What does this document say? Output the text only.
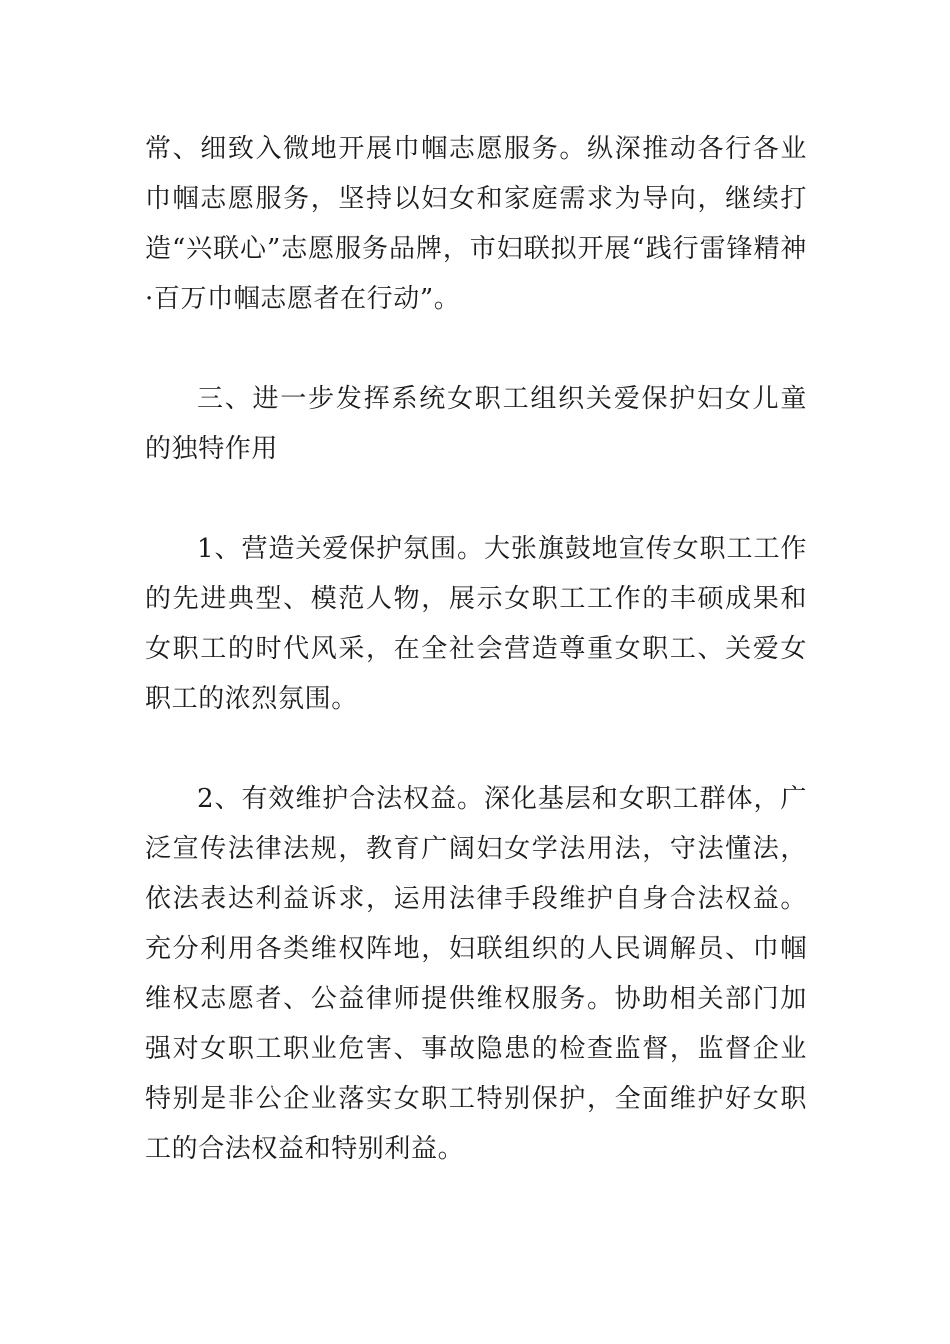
常、细致入微地开展巾帼志愿服务。纵深推动各行各业巾帼志愿服务，坚持以妇女和家庭需求为导向，继续打造“兴联心”志愿服务品牌，市妇联拟开展“践行雷锋精神·百万巾帼志愿者在行动”。

三、进一步发挥系统女职工组织关爱保护妇女儿童的独特作用

1、营造关爱保护氛围。大张旗鼓地宣传女职工工作的先进典型、模范人物，展示女职工工作的丰硕成果和女职工的时代风采，在全社会营造尊重女职工、关爱女职工的浓烈氛围。

2、有效维护合法权益。深化基层和女职工群体，广泛宣传法律法规，教育广阔妇女学法用法，守法懂法，依法表达利益诉求，运用法律手段维护自身合法权益。充分利用各类维权阵地，妇联组织的人民调解员、巾帼维权志愿者、公益律师提供维权服务。协助相关部门加强对女职工职业危害、事故隐患的检查监督，监督企业特别是非公企业落实女职工特别保护，全面维护好女职工的合法权益和特别利益。
